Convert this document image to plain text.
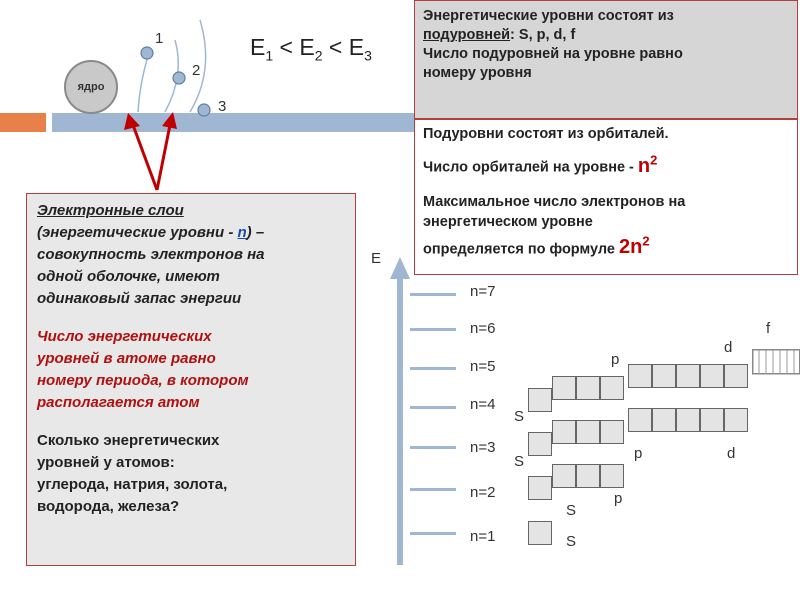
ядро
1
2
3
$E_1 < E_2 < E_3$

Энергетические уровни состоят из

подуровней: S, p, d, f

Число подуровней на уровне равно

номеру уровня

Подуровни состоят из орбиталей.

Число орбиталей на уровне - $n^2$

Максимальное число электронов на

энергетическом уровне

определяется по формуле $2n^2$

Электронные слои

(энергетические уровни - n) –

совокупность электронов на

одной оболочке, имеют

одинаковый запас энергии

Число энергетических

уровней в атоме равно

номеру периода, в котором

располагается атом

Сколько энергетических

уровней у атомов:

углерода, натрия, золота,

водорода, железа?

E
n=7
n=6
n=5
n=4
n=3
n=2
n=1	S
S
p
S	p	d
S
p
d
f
